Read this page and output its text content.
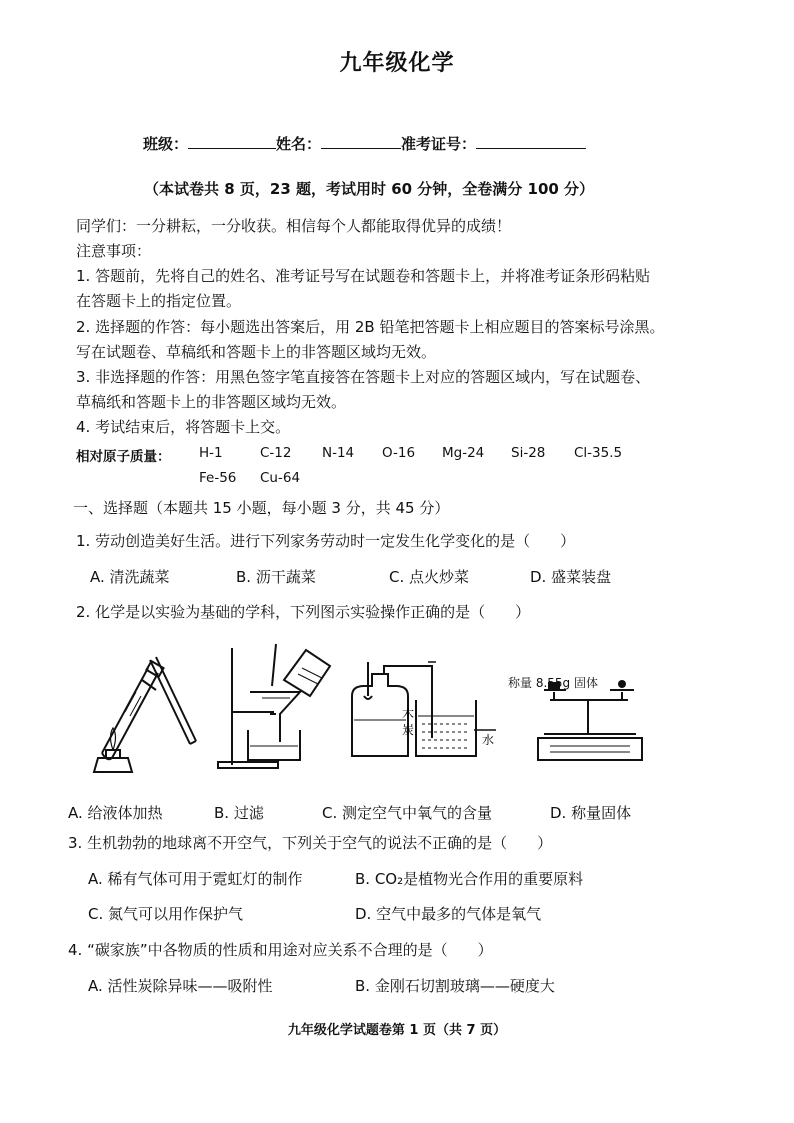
九年级化学
班级：	姓名：	准考证号：
（本试卷共 8 页，23 题，考试用时 60 分钟，全卷满分 100 分）
同学们：一分耕耘，一分收获。相信每个人都能取得优异的成绩！
注意事项：
1. 答题前，先将自己的姓名、准考证号写在试题卷和答题卡上，并将准考证条形码粘贴
在答题卡上的指定位置。
2. 选择题的作答：每小题选出答案后，用 2B 铅笔把答题卡上相应题目的答案标号涂黑。
写在试题卷、草稿纸和答题卡上的非答题区域均无效。
3. 非选择题的作答：用黑色签字笔直接答在答题卡上对应的答题区域内，写在试题卷、
草稿纸和答题卡上的非答题区域均无效。
4. 考试结束后，将答题卡上交。
相对原子质量： H-1	C-12 N-14 O-16 Mg-24 Si-28 Cl-35.5
Fe-56 Cu-64
一、选择题（本题共 15 小题，每小题 3 分，共 45 分）
1. 劳动创造美好生活。进行下列家务劳动时一定发生化学变化的是（　　）
A. 清洗蔬菜	B. 沥干蔬菜	C. 点火炒菜	D. 盛菜装盘
2. 化学是以实验为基础的学科，下列图示实验操作正确的是（　　）
木
炭
水
称量 8.55g 固体
A. 给液体加热	B. 过滤	C. 测定空气中氧气的含量	D. 称量固体
3. 生机勃勃的地球离不开空气，下列关于空气的说法不正确的是（　　）
A. 稀有气体可用于霓虹灯的制作	B. CO₂是植物光合作用的重要原料
C. 氮气可以用作保护气	D. 空气中最多的气体是氧气
4. “碳家族”中各物质的性质和用途对应关系不合理的是（　　）
A. 活性炭除异味——吸附性	B. 金刚石切割玻璃——硬度大
九年级化学试题卷第 1 页（共 7 页）
